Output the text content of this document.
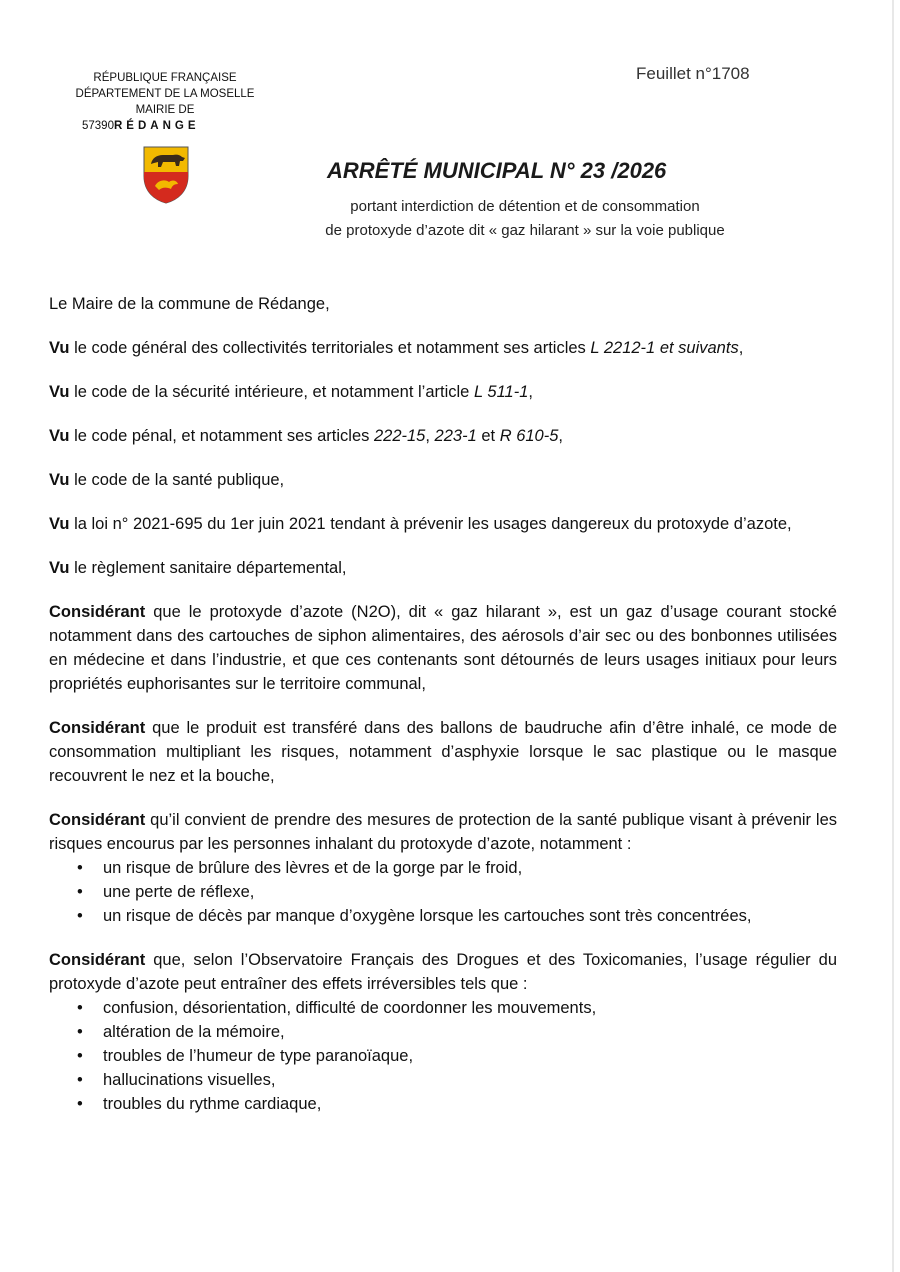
RÉPUBLIQUE FRANÇAISE
DÉPARTEMENT DE LA MOSELLE
MAIRIE DE
57390RÉDANGE
Feuillet n°1708
ARRÊTÉ MUNICIPAL N° 23 /2026
portant interdiction de détention et de consommation
de protoxyde d’azote dit « gaz hilarant » sur la voie publique

Le Maire de la commune de Rédange,

Vu le code général des collectivités territoriales et notamment ses articles L 2212-1 et suivants,

Vu le code de la sécurité intérieure, et notamment l’article L 511-1,

Vu le code pénal, et notamment ses articles 222-15, 223-1 et R 610-5,

Vu le code de la santé publique,

Vu la loi n° 2021-695 du 1er juin 2021 tendant à prévenir les usages dangereux du protoxyde d’azote,

Vu le règlement sanitaire départemental,

Considérant que le protoxyde d’azote (N2O), dit « gaz hilarant », est un gaz d’usage courant stocké notamment dans des cartouches de siphon alimentaires, des aérosols d’air sec ou des bonbonnes utilisées en médecine et dans l’industrie, et que ces contenants sont détournés de leurs usages initiaux pour leurs propriétés euphorisantes sur le territoire communal,

Considérant que le produit est transféré dans des ballons de baudruche afin d’être inhalé, ce mode de consommation multipliant les risques, notamment d’asphyxie lorsque le sac plastique ou le masque recouvrent le nez et la bouche,

Considérant qu’il convient de prendre des mesures de protection de la santé publique visant à prévenir les risques encourus par les personnes inhalant du protoxyde d’azote, notamment :

• un risque de brûlure des lèvres et de la gorge par le froid,
• une perte de réflexe,
• un risque de décès par manque d’oxygène lorsque les cartouches sont très concentrées,

Considérant que, selon l’Observatoire Français des Drogues et des Toxicomanies, l’usage régulier du protoxyde d’azote peut entraîner des effets irréversibles tels que :

• confusion, désorientation, difficulté de coordonner les mouvements,
• altération de la mémoire,
• troubles de l’humeur de type paranoïaque,
• hallucinations visuelles,
• troubles du rythme cardiaque,
